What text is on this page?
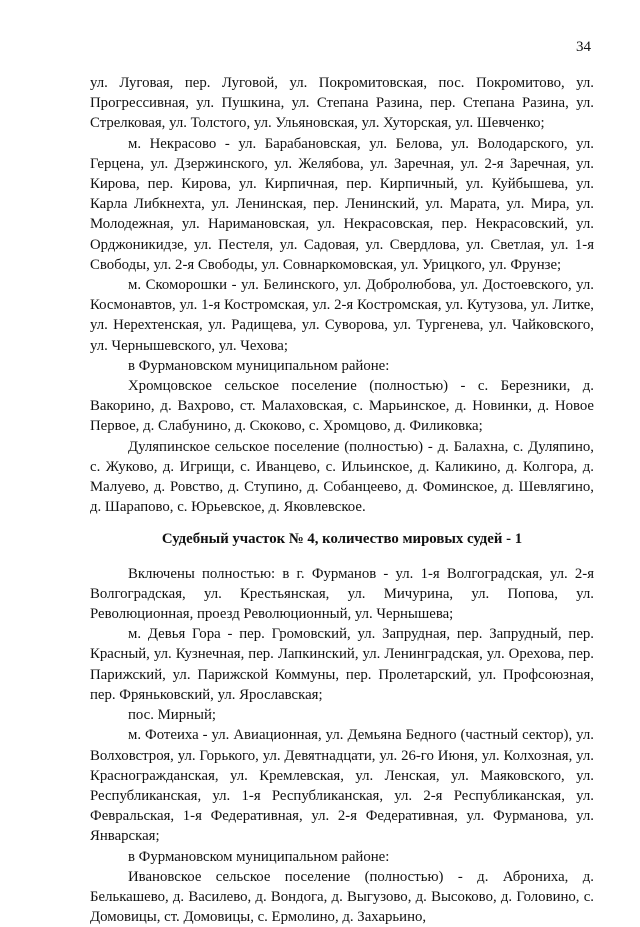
34

ул. Луговая, пер. Луговой, ул. Покромитовская, пос. Покромитово, ул. Прогрессивная, ул. Пушкина, ул. Степана Разина, пер. Степана Разина, ул. Стрелковая, ул. Толстого, ул. Ульяновская, ул. Хуторская, ул. Шевченко;

м. Некрасово - ул. Барабановская, ул. Белова, ул. Володарского, ул. Герцена, ул. Дзержинского, ул. Желябова, ул. Заречная, ул. 2-я Заречная, ул. Кирова, пер. Кирова, ул. Кирпичная, пер. Кирпичный, ул. Куйбышева, ул. Карла Либкнехта, ул. Ленинская, пер. Ленинский, ул. Марата, ул. Мира, ул. Молодежная, ул. Наримановская, ул. Некрасовская, пер. Некрасовский, ул. Орджоникидзе, ул. Пестеля, ул. Садовая, ул. Свердлова, ул. Светлая, ул. 1-я Свободы, ул. 2-я Свободы, ул. Совнаркомовская, ул. Урицкого, ул. Фрунзе;

м. Скоморошки - ул. Белинского, ул. Добролюбова, ул. Достоевского, ул. Космонавтов, ул. 1-я Костромская, ул. 2-я Костромская, ул. Кутузова, ул. Литке, ул. Нерехтенская, ул. Радищева, ул. Суворова, ул. Тургенева, ул. Чайковского, ул. Чернышевского, ул. Чехова;

в Фурмановском муниципальном районе:

Хромцовское сельское поселение (полностью) - с. Березники, д. Вакорино, д. Вахрово, ст. Малаховская, с. Марьинское, д. Новинки, д. Новое Первое, д. Слабунино, д. Скоково, с. Хромцово, д. Филиковка;

Дуляпинское сельское поселение (полностью) - д. Балахна, с. Дуляпино, с. Жуково, д. Игрищи, с. Иванцево, с. Ильинское, д. Каликино, д. Колгора, д. Малуево, д. Ровство, д. Ступино, д. Собанцеево, д. Фоминское, д. Шевлягино, д. Шарапово, с. Юрьевское, д. Яковлевское.

Судебный участок № 4, количество мировых судей - 1

Включены полностью: в г. Фурманов - ул. 1-я Волгоградская, ул. 2-я Волгоградская, ул. Крестьянская, ул. Мичурина, ул. Попова, ул. Революционная, проезд Революционный, ул. Чернышева;

м. Девья Гора - пер. Громовский, ул. Запрудная, пер. Запрудный, пер. Красный, ул. Кузнечная, пер. Лапкинский, ул. Ленинградская, ул. Орехова, пер. Парижский, ул. Парижской Коммуны, пер. Пролетарский, ул. Профсоюзная, пер. Фряньковский, ул. Ярославская;

пос. Мирный;

м. Фотеиха - ул. Авиационная, ул. Демьяна Бедного (частный сектор), ул. Волховстроя, ул. Горького, ул. Девятнадцати, ул. 26-го Июня, ул. Колхозная, ул. Красногражданская, ул. Кремлевская, ул. Ленская, ул. Маяковского, ул. Республиканская, ул. 1-я Республиканская, ул. 2-я Республиканская, ул. Февральская, 1-я Федеративная, ул. 2-я Федеративная, ул. Фурманова, ул. Январская;

в Фурмановском муниципальном районе:

Ивановское сельское поселение (полностью) - д. Аброниха, д. Белькашево, д. Василево, д. Вондога, д. Выгузово, д. Высоково, д. Головино, с. Домовицы, ст. Домовицы, с. Ермолино, д. Захарьино,
